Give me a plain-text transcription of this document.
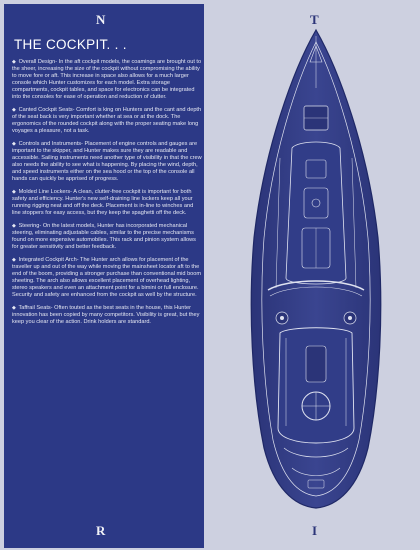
N
R
THE COCKPIT. . .

◆ Overall Design- In the aft cockpit models, the coamings are brought out to the sheer, increasing the size of the cockpit without compromising the ability to move fore or aft. This increase in space also allows for a much larger console which Hunter customizes for each model. Extra storage compartments, cockpit tables, and space for electronics can be integrated into the consoles for ease of operation and reduction of clutter.

◆ Canted Cockpit Seats- Comfort is king on Hunters and the cant and depth of the seat back is very important whether at sea or at the dock. The ergonomics of the rounded cockpit along with the proper seating make long voyages a pleasure, not a task.

◆ Controls and Instruments- Placement of engine controls and gauges are important to the skipper, and Hunter makes sure they are readable and accessible. Sailing instruments need another type of visibility in that the crew also needs the ability to see what is happening. By placing the wind, depth, and speed instruments either on the sea hood or the top of the console all hands can quickly be apprised of progress.

◆ Molded Line Lockers- A clean, clutter-free cockpit is important for both safety and efficiency. Hunter's new self-draining line lockers keep all your running rigging neat and off the deck. Placement is in-line to winches and line stoppers for easy access, but they keep the spaghetti off the deck.

◆ Steering- On the latest models, Hunter has incorporated mechanical steering, eliminating adjustable cables, similar to the precise mechanisms found on more expensive automobiles. This rack and pinion system allows for greater sensitivity and better feedback.

◆ Integrated Cockpit Arch- The Hunter arch allows for placement of the traveller up and out of the way while moving the mainsheet locator aft to the end of the boom, providing a stronger purchase than conventional mid boom sheeting. The arch also allows excellent placement of overhead lighting, stereo speakers and even an attachment point for a bimini or full enclosure. Security and safety are enhanced from the cockpit as well by the structure.

◆ Taffrail Seats- Often touted as the best seats in the house, this Hunter innovation has been copied by many competitors. Visibility is great, but they keep you clear of the action. Drink holders are standard.

T
I
